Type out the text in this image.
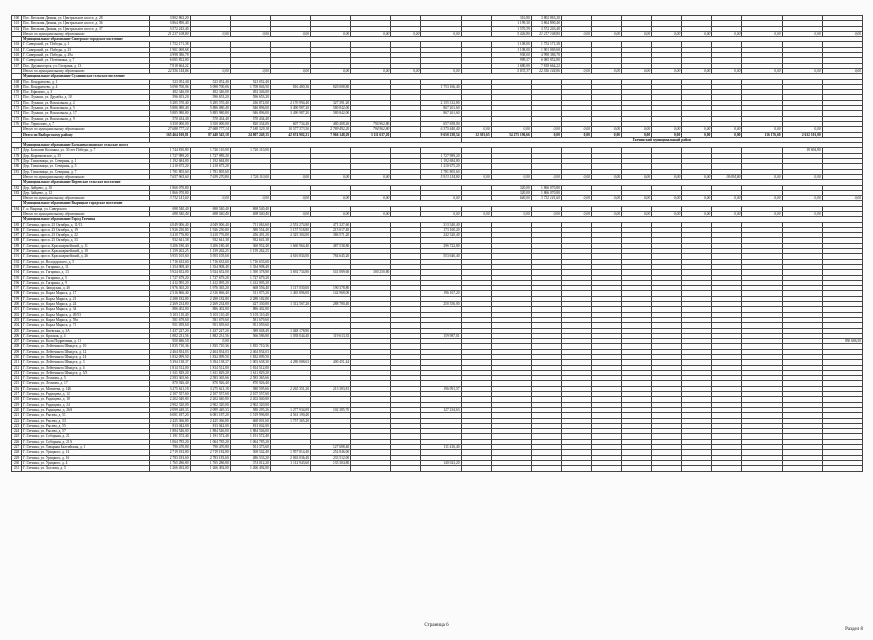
160	Пос. Кюльзик Дачная, ул. Центральное шоссе, д. 28	3 802 863,20									316,80	3 802 863,20									
161	Пос. Кюльзик Дачная, ул. Центральное шоссе, д. 36	3 864 890,40									1 199,30	3 864 890,40									
162	Пос. Кюльзик Дачная, ул. Центральное шоссе, д. 37	3 572 243,40									1 570,59	3 572 243,40									
	Итого по муниципальному образованию	21 217 108,80	0,00	0,00	0,00	0,00	0,00	0,00	0,00		5 426,80	21 217 108,80	0,00	0,00	0,00	0,00	0,00	0,00	0,00	0,00	0,00
	Муниципальное образование Сиверское городское поселение																				
163	Г. Сиверский, ул. Победы, д. 1	1 752 171,38									1 108,00	1 752 171,38									
164	Г. Сиверский, ул. Победы, д. 23	1 901 069,68									1 108,00	1 901 069,68									
165	Г. Сиверский, ул. Победы, д. 29а	4 998 386,78									938,00	4 998 386,78									
166	Г. Сиверский, ул. Потёмкина, д. 7	6 085 852,80									999,37	6 085 852,80									
167	Пос. Дружногорск, ул. Гагарина, д. 13	7 818 664,22									1 680,00	7 818 664,22									
	Итого по муниципальному образованию	22 556 144,86	0,00	0,00	0,00	0,00	0,00	0,00	0,00		5 833,37	22 556 144,86	0,00	0,00	0,00	0,00	0,00	0,00	0,00	0,00	0,00
	Муниципальное образование Сусанинское сельское поселение																				
168	Пос. Кондратьево, д. 1	523 052,40	523 052,40	523 052,40																	
169	Пос. Кондратьево, д. 4	5 098 700,06	5 098 700,06	1 708 846,50	816 480,36	820 008,80			1 753 166,40												
170	Пос. Ефимово, д. 3	492 346,00	492 346,00	492 346,00																	
171	Пос. Лукаши, ул. Дружбы, д. 10	596 653,20	596 653,20	596 653,20																	
172	Пос. Лукаши, ул. Вокзальная, д. 2	5 285 570,40	5 285 570,40	436 872,00	2 170 994,40	327 391,20			2 155 312,80												
173	Пос. Лукаши, ул. Вокзальная, д. 5	5 886 080,40	5 886 080,40	946 896,00	3 490 987,20	580 842,00			867 261,60												
174	Пос. Лукаши, ул. Вокзальная, д. 17	5 885 980,80	5 885 980,80	946 896,00	3 490 987,20	580 842,00			867 261,60												
175	Пос. Лукаши, ул. Вокзальная, д. 9	570 434,40	570 434,40	570 434,40																	
176	Пос. Терволово, д. 7	3 350 000,00	3 350 000,00	820 334,00	607 734,40	480 408,20	794 962,80		657 658,00												
	Итого по муниципальному образованию	27 688 777,14	27 688 777,14	7 180 329,18	10 577 373,56	2 789 492,20	794 962,80		6 375 640,40	0,00	0,00	0,00	0,00	0,00	0,00	0,00	0,00	0,00	0,00	0,00	
	Итого по Выборгскому району	165 464 010,81	87 440 545,18	24 807 249,15	42 674 902,21	7 966 148,29	3 111 637,20		9 650 238,54	12 303,65	54 275 196,66	0,00	0,00	0,00	0,00	0,00	0,00	0,00	116 176,60	2 632 101,00	
										Гатчинский муниципальный район											
	Муниципальное образование Большеколпанское сельское посел																				
177	Дер. Большие Колпаны, ул. 30 лет Победы, д. 7	1 744 810,80	1 726 110,00	1 726 110,00																18 694,80	
178	Дер. Корпиковское, д. 35	1 727 989,20	1 727 989,20						1 727 989,20												
179	Дер. Тихковицы, ул. Северная, д. 1	1 192 684,80	1 192 684,80						1 192 684,80												
180	Дер. Тихковицы, ул. Северная, д. 5	1 210 675,20	1 210 675,20						1 210 675,20												
181	Дер. Тихковицы, ул. Северная, д. 7	1 781 805,60	1 781 805,60						1 781 805,60												
	Итого по муниципальному образованию	7 657 965,60	7 639 270,80	1 726 110,00	0,00	0,00	0,00		5 913 154,80	0,00	0,00	0,00	0,00	0,00	0,00	0,00	0,00	18 694,80	0,00	0,00	
	Муниципальное образование Веревское сельское поселение																				
182	Дер. Зайцево, д. 10	1 866 070,80									320,00	1 866 070,80									
183	Дер. Зайцево, д. 12	1 866 070,80									320,00	1 866 070,80									
	Итого по муниципальному образованию	3 732 141,60	0,00	0,00	0,00	0,00	0,00		0,00		640,00	3 732 141,60	0,00	0,00	0,00	0,00	0,00	0,00	0,00	0,00	0,00
	Муниципальное образование Вырицкое городское поселение																				
184	Г. п. Вырица, ул. Сиверского	698 540,40	698 540,40	698 540,40																	
	Итого по муниципальному образованию	698 540,40	698 540,40	698 540,40	0,00	0,00	0,00		0,00	0,00	0,00	0,00	0,00	0,00	0,00	0,00	0,00	0,00	0,00	0,00	
	Муниципальное образование Город Гатчина																				
185	Г. Гатчина, просп. 25 Октября, д. 11/13	4 049 006,40	4 049 006,40	711 063,60	2 553 274,80	471 327,60			313 340,40												
186	Г. Гатчина, просп. 25 Октября, д. 19	1 926 250,80	1 926 250,80	580 554,40	1 157 518,80	215 017,40			173 160,20												
187	Г. Гатчина, просп. 25 Октября, д. 22	3 410 776,80	3 410 776,80	456 491,20	2 325 304,00	386 571,20			242 320,40												
188	Г. Гатчина, просп. 25 Октября, д. 33	932 641,38	932 641,38	932 641,38																	
189	Г. Гатчина, просп. Красноармейский, д. 11	3 206 180,40	3 206 180,40	360 952,40	1 660 964,40	487 538,80			296 722,80												
190	Г. Гатчина, просп. Красноармейский, д. 10	1 159 262,25	1 159 262,25	1 159 262,25																	
191	Г. Гатчина, просп. Красноармейский, д. 26	5 955 105,60	5 955 105,60		4 616 834,00	784 645,20			553 646,40												
192	Г. Гатчина, ул. Володарского, д. 5	1 716 633,60	1 716 633,60	1 716 633,60																	
193	Г. Гатчина, ул. Гагарина, д. 11	1 354 908,40	1 354 908,40	1 354 908,40																	
194	Г. Гатчина, ул. Гагарина, д. 13	5 924 652,00	5 924 652,00	1 390 378,80	3 692 734,80	541 089,60	300 250,80														
195	Г. Гатчина, ул. Гагарина, д. 5	1 727 679,20	1 727 679,20	1 727 679,20																	
196	Г. Гатчина, ул. Гагарина, д. 9	1 412 095,20	1 412 095,20	1 412 095,20																	
197	Г. Гатчина, ул. Заводская, д. 4б	1 976 365,20	1 976 365,20	668 556,40	1 117 030,00	190 378,80															
198	Г. Гатчина, ул. Карла Маркса, д. 17	2 316 866,40	2 316 866,40	511 975,20	1 465 896,00	142 968,00			196 167,20												
199	Г. Гатчина, ул. Карла Маркса, д. 21	2 288 182,80	2 288 182,80	2 288 182,80																	
200	Г. Гатчина, ул. Карла Маркса, д. 24	2 269 234,80	2 269 234,80	427 330,80	1 312 567,20	288 780,40			250 356,00												
201	Г. Гатчина, ул. Карла Маркса, д. 34	886 402,80	886 402,80	886 402,80																	
202	Г. Гатчина, ул. Карла Маркса, д. 49/53	5 103 110,40	5 103 110,40	5 103 110,40																	
203	Г. Гатчина, ул. Карла Маркса, д. 59а	581 679,60	581 679,60	581 679,60																	
204	Г. Гатчина, ул. Карла Маркса, д. 71	951 059,60	951 059,60	951 059,60																	
205	Г. Гатчина, ул. Киевская, д. 3А	1 437 227,20	1 437 227,20	389 048,40	1 048 178,80																
206	Г. Гатчина, ул. Красная, д. 4	1 882 231,56	1 882 231,56	566 586,80	1 038 044,40	119 613,35			159 987,01												
207	Г. Гатчина, ул. Коли Подрючина, д. 11	950 686,50	0,00																		950 686,50
208	Г. Гатчина, ул. Лейтенанта Шмидта, д. 10	1 835 710,36	1 835 710,36	1 835 710,36																	
209	Г. Гатчина, ул. Лейтенанта Шмидта, д. 12	2 464 834,03	2 464 834,03	2 464 834,03																	
210	Г. Гатчина, ул. Лейтенанта Шмидта, д. 14	1 832 099,50	1 832 099,50	1 832 099,50																	
211	Г. Гатчина, ул. Лейтенанта Шмидта, д. 3	5 394 138,37	5 394 138,37	1 003 638,30	4 280 088,63	400 451,44															
212	Г. Гатчина, ул. Лейтенанта Шмидта, д. 4	1 814 512,00	1 814 512,00	1 814 512,00																	
213	Г. Гатчина, ул. Лейтенанта Шмидта, д. 5/5	1 611 829,20	1 611 829,20	1 611 829,20																	
214	Г. Гатчина, ул. Леонова, д. 5	2 583 365,66	2 583 365,66	2 583 365,66																	
215	Г. Гатчина, ул. Леонова, д. 17	870 926,40	870 926,40	870 926,40																	
216	Г. Гатчина, ул. Матвеева, д. 14Б	3 275 621,18	3 275 621,18	580 595,66	2 265 351,20	213 383,81			196 091,57												
217	Г. Гатчина, ул. Радищева, д. 12	2 107 557,60	2 107 557,60	2 107 557,60																	
218	Г. Гатчина, ул. Радищева, д. 18	2 202 040,80	2 202 040,80	2 202 040,80																	
219	Г. Гатчина, ул. Радищева, д. 24	2 902 320,00	2 902 320,00	2 902 320,00																	
220	Г. Гатчина, ул. Радищева, д. 26А	2 099 449,33	2 099 449,33	580 295,26	1 277 934,09	102 385,70			127 234,63												
221	Г. Гатчина, ул. Рысева, д. 51	6 081 187,20	6 081 187,20	1 519 996,80	4 561 190,40																
222	Г. Гатчина, ул. Рысева, д. 53	2 425 366,80	2 425 366,80	668 001,60	1 757 365,20																
223	Г. Гатчина, ул. Рысева, д. 55	813 042,00	813 042,00	813 042,00																	
224	Г. Гатчина, ул. Рысева, д. 57	1 884 546,00	1 884 546,00	1 884 546,00																	
225	Г. Гатчина, ул. Соборная, д. 21	1 191 572,40	1 191 572,40	1 191 572,40																	
226	Г. Гатчина, ул. Соборная, д. 21А	1 064 785,20	1 064 785,20	1 064 785,20																	
227	Г. Гатчина, ул. Товарная Балтийская, д. 1	790 470,80	790 470,80	551 373,60		127 688,40			111 416,40												
228	Г. Гатчина, ул. Урицкого, д. 14	2 719 182,80	2 719 182,80	508 542,40	1 957 814,40	252 846,00															
229	Г. Гатчина, ул. Урицкого, д. 16	2 783 183,60	2 783 183,60	486 533,20	2 063 036,40	233 512,00															
230	Г. Гатчина, ул. Урицкого, д. 4	1 765 286,80	1 765 286,80	374 012,20	1 112 943,60	135 304,80			140 023,20												
231	Г. Гатчина, ул. Хохлова, д. 5	1 266 492,00	1 266 492,00	1 266 492,00																	
Страница 6
Раздел 8
